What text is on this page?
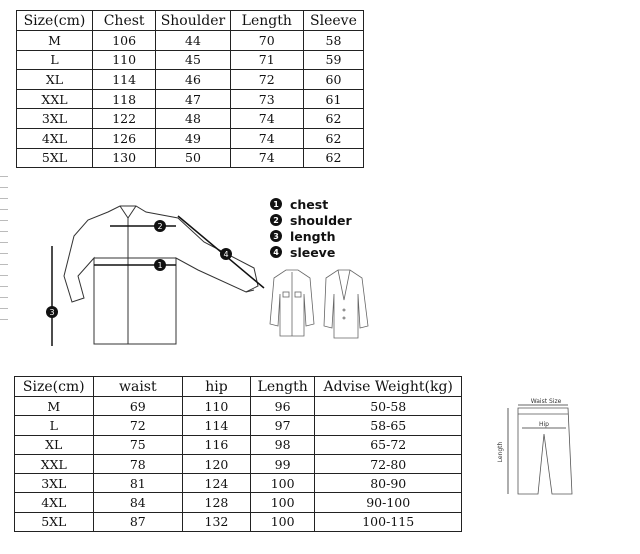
Size(cm)	Chest	Shoulder	Length	Sleeve
M	106	44	70	58
L	110	45	71	59
XL	114	46	72	60
XXL	118	47	73	61
3XL	122	48	74	62
4XL	126	49	74	62
5XL	130	50	74	62
1
2
3
4
1 chest
2 shoulder
3 length
4 sleeve
Size(cm)	waist	hip	Length	Advise Weight(kg)
M	69	110	96	50-58
L	72	114	97	58-65
XL	75	116	98	65-72
XXL	78	120	99	72-80
3XL	81	124	100	80-90
4XL	84	128	100	90-100
5XL	87	132	100	100-115
Waist Size
Hip
Length
